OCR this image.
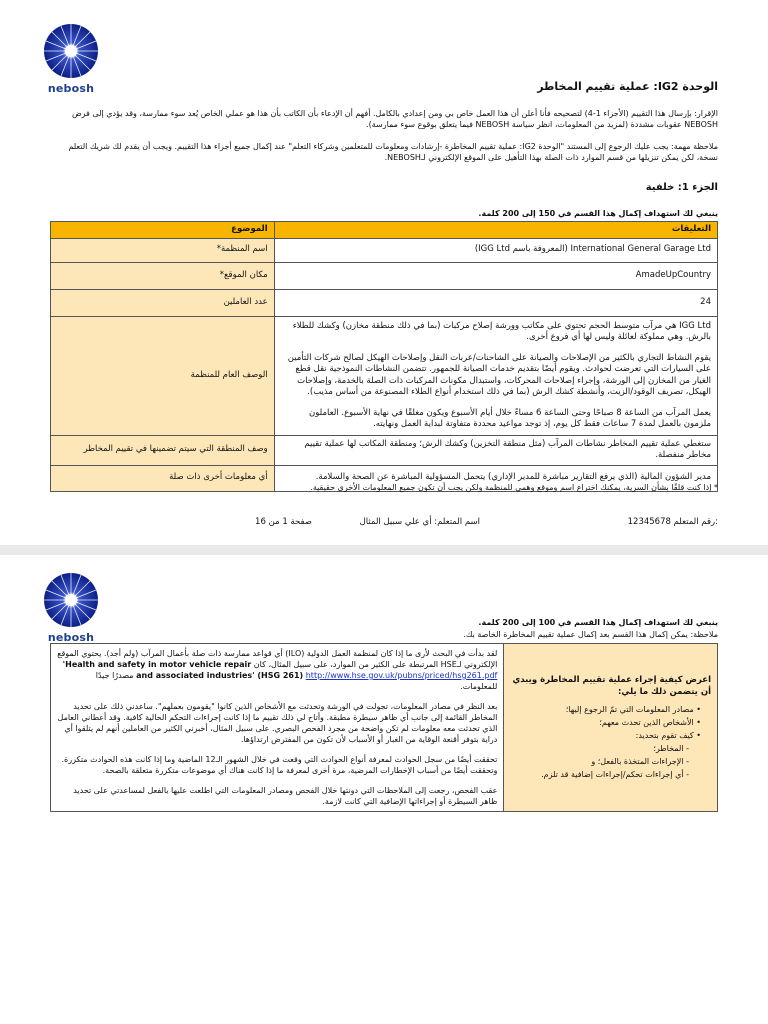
nebosh	الوحدة IG2: عملية تقييم المخاطر
الإقرار: بإرسال هذا التقييم (الأجزاء 1-4) لتصحيحه فأنا أعلن أن هذا العمل خاص بي ومن إعدادي بالكامل. أفهم أن الإدعاء بأن الكاتب بأن هذا هو عملي الخاص يُعد سوء ممارسة، وقد يؤدي إلى فرض NEBOSH عقوبات مشددة (لمزيد من المعلومات، انظر سياسة NEBOSH فيما يتعلق بوقوع سوء ممارسة).
ملاحظة مهمة: يجب عليك الرجوع إلى المستند "الوحدة IG2: عملية تقييم المخاطرة -إرشادات ومعلومات للمتعلمين وشركاء التعلم" عند إكمال جميع أجزاء هذا التقييم. ويجب أن يقدم لك شريك التعلم نسخة، لكن يمكن تنزيلها من قسم الموارد ذات الصلة بهذا التأهيل على الموقع الإلكتروني لـNEBOSH.
الجزء 1: خلفية
ينبغي لك استهداف إكمال هذا القسم في 150 إلى 200 كلمة.
الموضوع	التعليقات
اسم المنظمة*	International General Garage Ltd (المعروفة باسم IGG Ltd)
مكان الموقع*	AmadeUpCountry
عدد العاملين	24
الوصف العام للمنظمة	IGG Ltd هي مرآب متوسط الحجم تحتوي على مكاتب وورشة إصلاح مركبات (بما في ذلك منطقة مخازن) وكشك للطلاء بالرش. وهي مملوكة لعائلة وليس لها أي فروع أخرى.
يقوم النشاط التجاري بالكثير من الإصلاحات والصيانة على الشاحنات/عربات النقل وإصلاحات الهيكل لصالح شركات التأمين على السيارات التي تعرضت لحوادث. ويقوم أيضًا بتقديم خدمات الصيانة للجمهور. تتضمن النشاطات النموذجية نقل قطع الغيار من المخازن إلى الورشة، وإجراء إصلاحات المحركات، واستبدال مكونات المركبات ذات الصلة بالخدمة، وإصلاحات الهيكل، تصريف الوقود/الزيت، وأنشطة كشك الرش (بما في ذلك استخدام أنواع الطلاء المصنوعة من أساس مذيب).
يعمل المرآب من الساعة 8 صباحًا وحتى الساعة 6 مساءً خلال أيام الأسبوع ويكون مغلقًا في نهاية الأسبوع. العاملون ملزمون بالعمل لمدة 7 ساعات فقط كل يوم، إذ توجد مواعيد محددة متفاوتة لبداية العمل ونهايته.

وصف المنطقة التي سيتم تضمينها في تقييم المخاطر	ستغطي عملية تقييم المخاطر نشاطات المرآب (مثل منطقة التخزين) وكشك الرش؛ ومنطقة المكاتب لها عملية تقييم مخاطر منفصلة.
أي معلومات أخرى ذات صلة	مدير الشؤون المالية (الذي يرفع التقارير مباشرة للمدير الإداري) يتحمل المسؤولية المباشرة عن الصحة والسلامة.
* إذا كنت قلقًا بشأن السرية، يمكنك اختراع اسم وموقع وهمي للمنظمة ولكن يجب أن تكون جميع المعلومات الأخرى حقيقية.
12345678 رقم المتعلم:
اسم المتعلم: أي علي سبيل المثال
صفحة 1 من 16
nebosh
ينبغي لك استهداف إكمال هذا القسم في 100 إلى 200 كلمة.
ملاحظة: يمكن إكمال هذا القسم بعد إكمال عملية تقييم المخاطرة الخاصة بك.
لقد بدأت في البحث لأرى ما إذا كان لمنظمة العمل الدولية (ILO) أي قواعد ممارسة ذات صلة بأعمال المرآب (ولم أجد). يحتوي الموقع الإلكتروني لـHSE المرتبطة على الكثير من الموارد، على سبيل المثال، كان 'Health and safety in motor vehicle repair and associated industries' (HSG 261) http://www.hse.gov.uk/pubns/priced/hsg261.pdf مصدرًا جيدًا للمعلومات.
بعد النظر في مصادر المعلومات، تجولت في الورشة وتحدثت مع الأشخاص الذين كانوا "يقومون بعملهم". ساعدني ذلك على تحديد المخاطر القائمة إلى جانب أي ظاهر سيطرة مطبقة. وأتاح لي ذلك تقييم ما إذا كانت إجراءات التحكم الحالية كافية. وقد أعطاني العامل الذي تحدثت معه معلومات لم تكن واضحة من مجرد الفحص البصري. على سبيل المثال، أخبرني الكثير من العاملين أنهم لم يتلقوا أي دراية بتوفر أقنعة الوقاية من الغبار أو الأسباب لأن تكون من المفترض ارتداؤها.
تحققت أيضًا من سجل الحوادث لمعرفة أنواع الحوادث التي وقعت في خلال الشهور الـ12 الماضية وما إذا كانت هذه الحوادث متكررة. وتحققت أيضًا من أسباب الإخطارات المرضية، مرة أخرى لمعرفة ما إذا كانت هناك أي موضوعات متكررة متعلقة بالصحة.
عقب الفحص، رجعت إلى الملاحظات التي دونتها خلال الفحص ومصادر المعلومات التي اطلعت عليها بالفعل لمساعدتي على تحديد ظاهر السيطرة أو إجراءاتها الإضافية التي كانت لازمة.

اعرض كيفية إجراء عملية تقييم المخاطرة ويبدي أن يتضمن ذلك ما يلي:
• مصادر المعلومات التي تمّ الرجوع إليها؛
• الأشخاص الذين تحدث معهم؛
• كيف تقوم بتحديد:
- المخاطر؛
- الإجراءات المتخذة بالفعل؛ و
- أي إجراءات تحكم/إجراءات إضافية قد تلزم.
